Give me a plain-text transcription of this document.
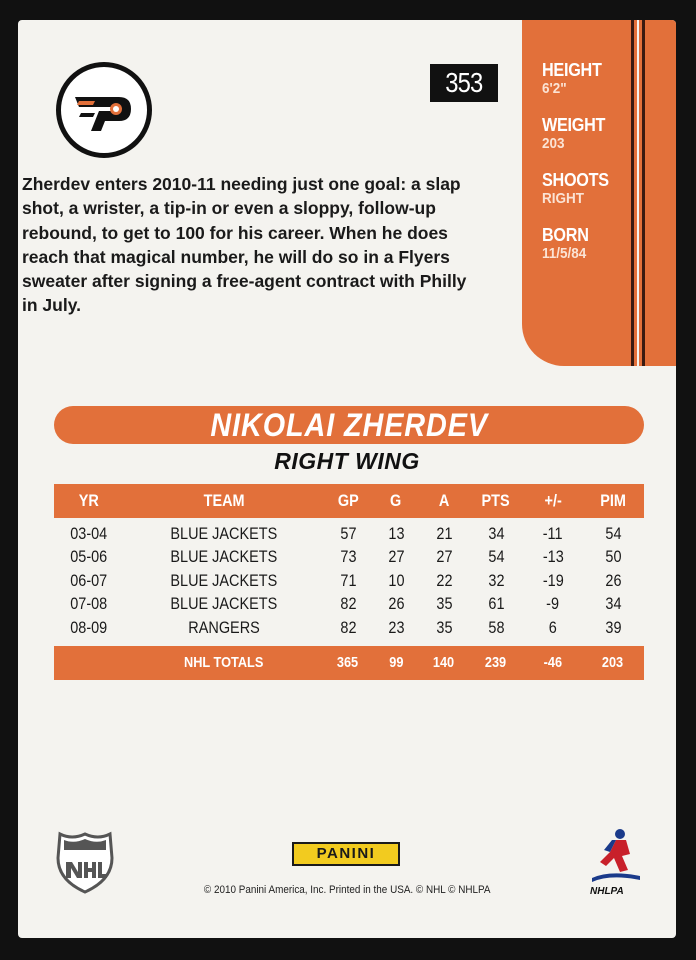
HEIGHT
6'2"
WEIGHT
203
SHOOTS
RIGHT
BORN
11/5/84
353

Zherdev enters 2010-11 needing just one goal: a slap shot, a wrister, a tip-in or even a sloppy, follow-up rebound, to get to 100 for his career. When he does reach that magical number, he will do so in a Flyers sweater after signing a free-agent contract with Philly in July.

NIKOLAI ZHERDEV
RIGHT WING
YR	TEAM	GP	G	A	PTS	+/-	PIM
03-04	BLUE JACKETS	57	13	21	34	-11	54
05-06	BLUE JACKETS	73	27	27	54	-13	50
06-07	BLUE JACKETS	71	10	22	32	-19	26
07-08	BLUE JACKETS	82	26	35	61	-9	34
08-09	RANGERS	82	23	35	58	6	39
	NHL TOTALS	365	99	140	239	-46	203
PANINI
© 2010 Panini America, Inc. Printed in the USA. © NHL © NHLPA	NHLPA
